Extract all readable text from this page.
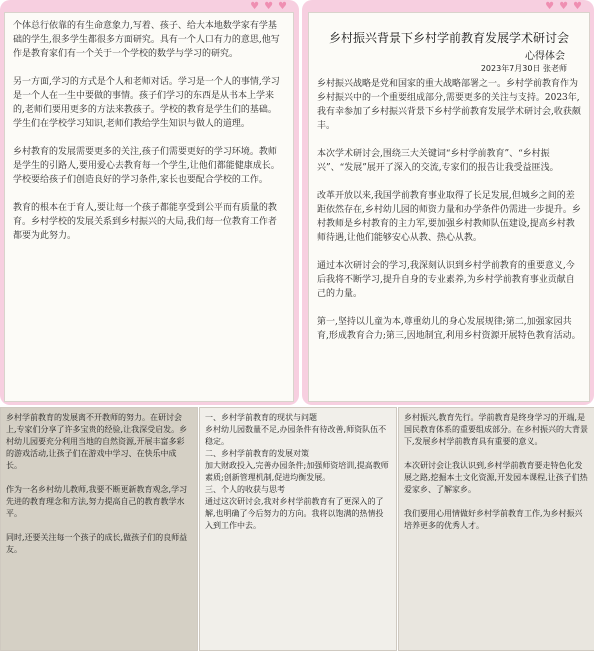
♥ ♥ ♥
个体总行依靠的有生命意象力,写着、孩子、给大本地数学家有学基础的学生,很多学生都很多方面研究。具有一个人口有力的意思,他写作是教育家们有一个关于一个学校的数学与学习的研究。

另一方面,学习的方式是个人和老师对话。学习是一个人的事情,学习是一个人在一生中要做的事情。孩子们学习的东西是从书本上学来的,老师们要用更多的方法来教孩子。学校的教育是学生们的基础。学生们在学校学习知识,老师们教给学生知识与做人的道理。

乡村教育的发展需要更多的关注,孩子们需要更好的学习环境。教师是学生的引路人,要用爱心去教育每一个学生,让他们都能健康成长。学校要给孩子们创造良好的学习条件,家长也要配合学校的工作。

教育的根本在于育人,要让每一个孩子都能享受到公平而有质量的教育。乡村学校的发展关系到乡村振兴的大局,我们每一位教育工作者都要为此努力。
♥ ♥ ♥
乡村振兴背景下乡村学前教育发展学术研讨会
心得体会
2023年7月30日 张老师
乡村振兴战略是党和国家的重大战略部署之一。乡村学前教育作为乡村振兴中的一个重要组成部分,需要更多的关注与支持。2023年,我有幸参加了乡村振兴背景下乡村学前教育发展学术研讨会,收获颇丰。

本次学术研讨会,围绕三大关键词“乡村学前教育”、“乡村振兴”、“发展”展开了深入的交流,专家们的报告让我受益匪浅。

改革开放以来,我国学前教育事业取得了长足发展,但城乡之间的差距依然存在,乡村幼儿园的师资力量和办学条件仍需进一步提升。乡村教师是乡村教育的主力军,要加强乡村教师队伍建设,提高乡村教师待遇,让他们能够安心从教、热心从教。

通过本次研讨会的学习,我深刻认识到乡村学前教育的重要意义,今后我将不断学习,提升自身的专业素养,为乡村学前教育事业贡献自己的力量。

第一,坚持以儿童为本,尊重幼儿的身心发展规律;第二,加强家园共育,形成教育合力;第三,因地制宜,利用乡村资源开展特色教育活动。
乡村学前教育的发展离不开教师的努力。在研讨会上,专家们分享了许多宝贵的经验,让我深受启发。乡村幼儿园要充分利用当地的自然资源,开展丰富多彩的游戏活动,让孩子们在游戏中学习、在快乐中成长。

作为一名乡村幼儿教师,我要不断更新教育观念,学习先进的教育理念和方法,努力提高自己的教育教学水平。

同时,还要关注每一个孩子的成长,做孩子们的良师益友。
一、乡村学前教育的现状与问题
乡村幼儿园数量不足,办园条件有待改善,师资队伍不稳定。
二、乡村学前教育的发展对策
加大财政投入,完善办园条件;加强师资培训,提高教师素质;创新管理机制,促进均衡发展。
三、个人的收获与思考
通过这次研讨会,我对乡村学前教育有了更深入的了解,也明确了今后努力的方向。我将以饱满的热情投入到工作中去。
乡村振兴,教育先行。学前教育是终身学习的开端,是国民教育体系的重要组成部分。在乡村振兴的大背景下,发展乡村学前教育具有重要的意义。

本次研讨会让我认识到,乡村学前教育要走特色化发展之路,挖掘本土文化资源,开发园本课程,让孩子们热爱家乡、了解家乡。

我们要用心用情做好乡村学前教育工作,为乡村振兴培养更多的优秀人才。
